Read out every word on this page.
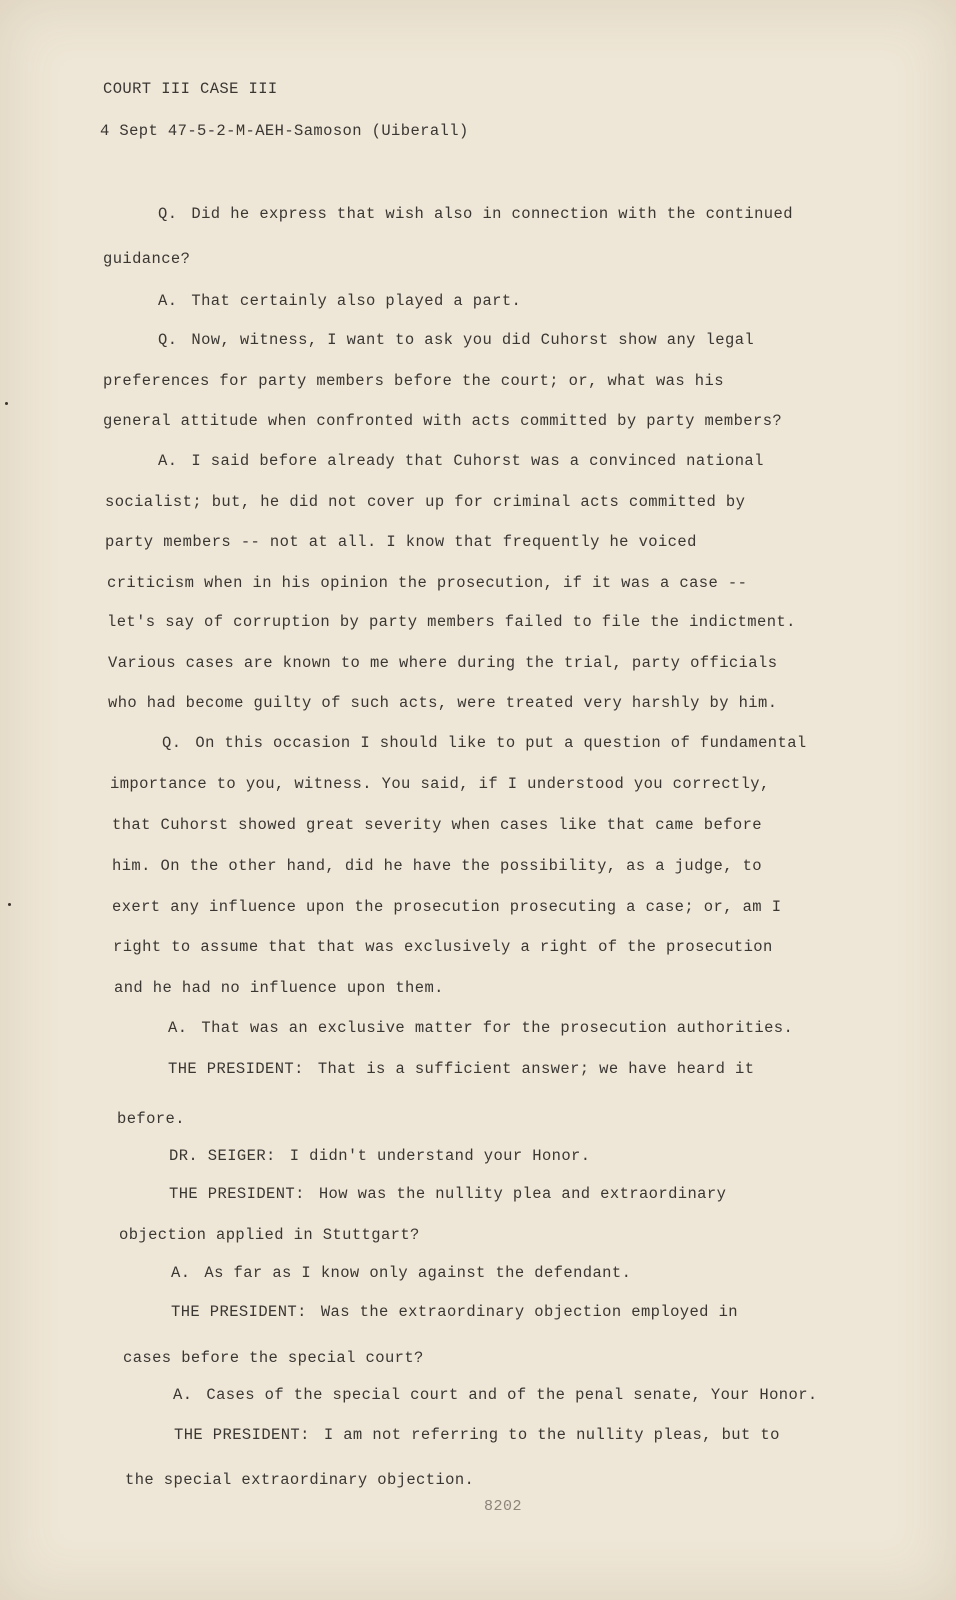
COURT III CASE III
4 Sept 47-5-2-M-AEH-Samoson (Uiberall)
Q. Did he express that wish also in connection with the continued
guidance?
A. That certainly also played a part.
Q. Now, witness, I want to ask you did Cuhorst show any legal
preferences for party members before the court; or, what was his
general attitude when confronted with acts committed by party members?
A. I said before already that Cuhorst was a convinced national
socialist; but, he did not cover up for criminal acts committed by
party members -- not at all. I know that frequently he voiced
criticism when in his opinion the prosecution, if it was a case --
let's say of corruption by party members failed to file the indictment.
Various cases are known to me where during the trial, party officials
who had become guilty of such acts, were treated very harshly by him.
Q. On this occasion I should like to put a question of fundamental
importance to you, witness. You said, if I understood you correctly,
that Cuhorst showed great severity when cases like that came before
him. On the other hand, did he have the possibility, as a judge, to
exert any influence upon the prosecution prosecuting a case; or, am I
right to assume that that was exclusively a right of the prosecution
and he had no influence upon them.
A. That was an exclusive matter for the prosecution authorities.
THE PRESIDENT: That is a sufficient answer; we have heard it
before.
DR. SEIGER: I didn't understand your Honor.
THE PRESIDENT: How was the nullity plea and extraordinary
objection applied in Stuttgart?
A. As far as I know only against the defendant.
THE PRESIDENT: Was the extraordinary objection employed in
cases before the special court?
A. Cases of the special court and of the penal senate, Your Honor.
THE PRESIDENT: I am not referring to the nullity pleas, but to
the special extraordinary objection.
8202
